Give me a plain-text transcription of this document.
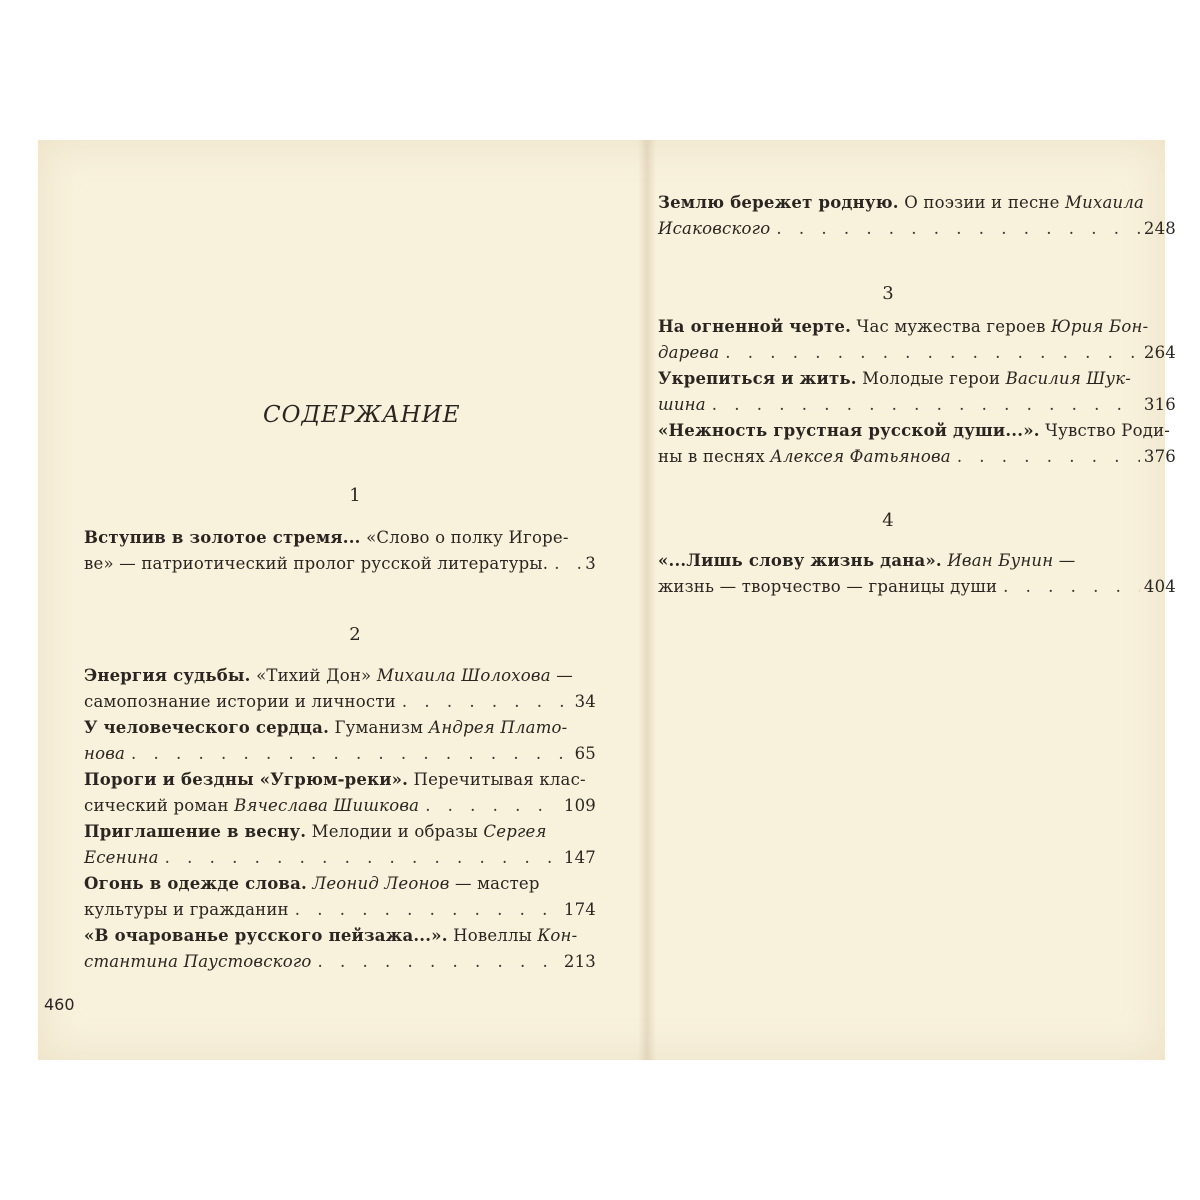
СОДЕРЖАНИЕ
1
Вступив в золотое стремя... «Слово о полку Игоре-
ве» — патриотический пролог русской литературы. . . . 3
2
Энергия судьбы. «Тихий Дон» Михаила Шолохова —
самопознание истории и личности . . .	34
У человеческого сердца. Гуманизм Андрея Плато-
нова . . .	65
Пороги и бездны «Угрюм-реки». Перечитывая клас-
сический роман Вячеслава Шишкова . . .	109
Приглашение в весну. Мелодии и образы Сергея
Есенина . . .	147
Огонь в одежде слова. Леонид Леонов — мастер
культуры и гражданин . . .	174
«В очарованье русского пейзажа...». Новеллы Кон-
стантина Паустовского . . .	213
460
Землю бережет родную. О поэзии и песне Михаила
Исаковского . . .	248
3
На огненной черте. Час мужества героев Юрия Бон-
дарева . . .	264
Укрепиться и жить. Молодые герои Василия Шук-
шина . . .	316
«Нежность грустная русской души...». Чувство Роди-
ны в песнях Алексея Фатьянова . . .	376
4
«...Лишь слову жизнь дана». Иван Бунин —
жизнь — творчество — границы души . . .	404
